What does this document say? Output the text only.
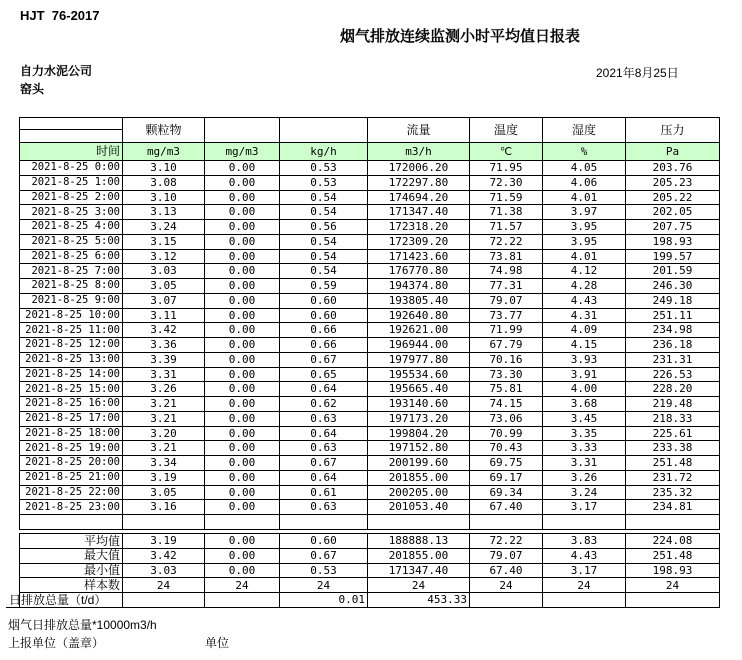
HJT  76-2017
烟气排放连续监测小时平均值日报表
自力水泥公司
窑头
2021年8月25日
	颗粒物			流量	温度	湿度	压力

时间	mg/m3	mg/m3	kg/h	m3/h	℃	%	Pa
2021-8-25 0:00	3.10	0.00	0.53	172006.20	71.95	4.05	203.76
2021-8-25 1:00	3.08	0.00	0.53	172297.80	72.30	4.06	205.23
2021-8-25 2:00	3.10	0.00	0.54	174694.20	71.59	4.01	205.22
2021-8-25 3:00	3.13	0.00	0.54	171347.40	71.38	3.97	202.05
2021-8-25 4:00	3.24	0.00	0.56	172318.20	71.57	3.95	207.75
2021-8-25 5:00	3.15	0.00	0.54	172309.20	72.22	3.95	198.93
2021-8-25 6:00	3.12	0.00	0.54	171423.60	73.81	4.01	199.57
2021-8-25 7:00	3.03	0.00	0.54	176770.80	74.98	4.12	201.59
2021-8-25 8:00	3.05	0.00	0.59	194374.80	77.31	4.28	246.30
2021-8-25 9:00	3.07	0.00	0.60	193805.40	79.07	4.43	249.18
2021-8-25 10:00	3.11	0.00	0.60	192640.80	73.77	4.31	251.11
2021-8-25 11:00	3.42	0.00	0.66	192621.00	71.99	4.09	234.98
2021-8-25 12:00	3.36	0.00	0.66	196944.00	67.79	4.15	236.18
2021-8-25 13:00	3.39	0.00	0.67	197977.80	70.16	3.93	231.31
2021-8-25 14:00	3.31	0.00	0.65	195534.60	73.30	3.91	226.53
2021-8-25 15:00	3.26	0.00	0.64	195665.40	75.81	4.00	228.20
2021-8-25 16:00	3.21	0.00	0.62	193140.60	74.15	3.68	219.48
2021-8-25 17:00	3.21	0.00	0.63	197173.20	73.06	3.45	218.33
2021-8-25 18:00	3.20	0.00	0.64	199804.20	70.99	3.35	225.61
2021-8-25 19:00	3.21	0.00	0.63	197152.80	70.43	3.33	233.38
2021-8-25 20:00	3.34	0.00	0.67	200199.60	69.75	3.31	251.48
2021-8-25 21:00	3.19	0.00	0.64	201855.00	69.17	3.26	231.72
2021-8-25 22:00	3.05	0.00	0.61	200205.00	69.34	3.24	235.32
2021-8-25 23:00	3.16	0.00	0.63	201053.40	67.40	3.17	234.81

平均值	3.19	0.00	0.60	188888.13	72.22	3.83	224.08
最大值	3.42	0.00	0.67	201855.00	79.07	4.43	251.48
最小值	3.03	0.00	0.53	171347.40	67.40	3.17	198.93
样本数	24	24	24	24	24	24	24
日排放总量（t/d）			0.01	453.33			
烟气日排放总量*10000m3/h
上报单位（盖章）	单位
